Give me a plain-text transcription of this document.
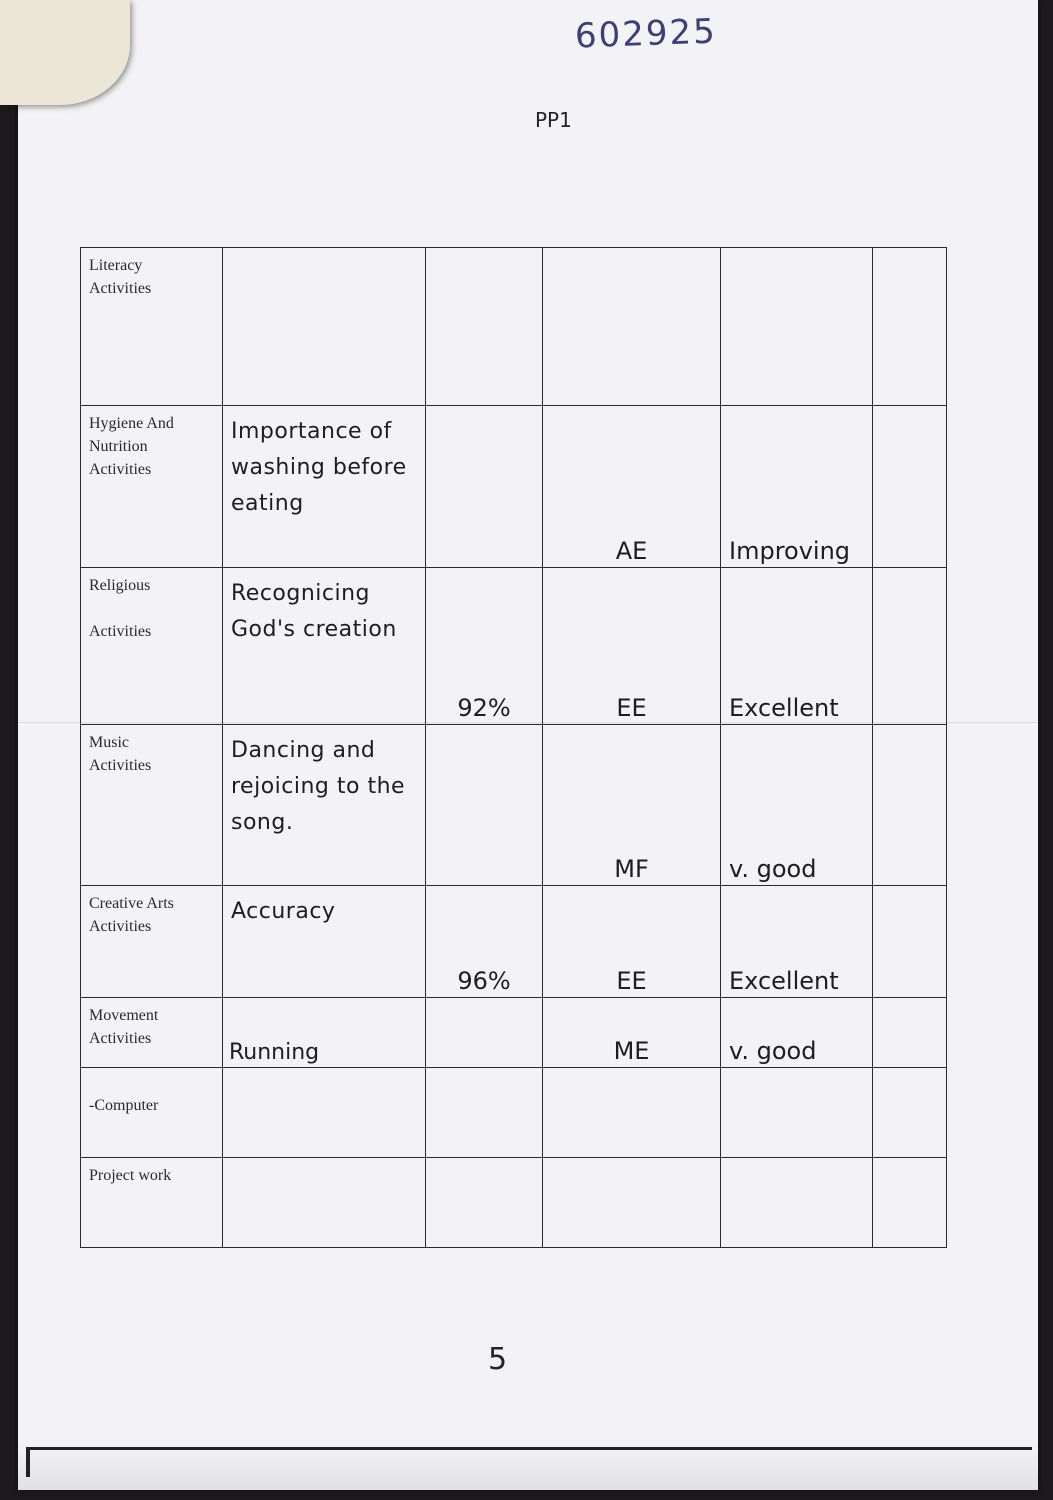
602925
PP1
Literacy
Activities					

Hygiene And
Nutrition
Activities	Importance of washing before eating		AE	Improving	

Religious

Activities	Recognicing God's creation	92%	EE	Excellent	

Music
Activities	Dancing and rejoicing to the song.		MF	v. good	

Creative Arts
Activities	Accuracy	96%	EE	Excellent	

Movement
Activities	Running		ME	v. good	

-Computer					

Project work					

5
